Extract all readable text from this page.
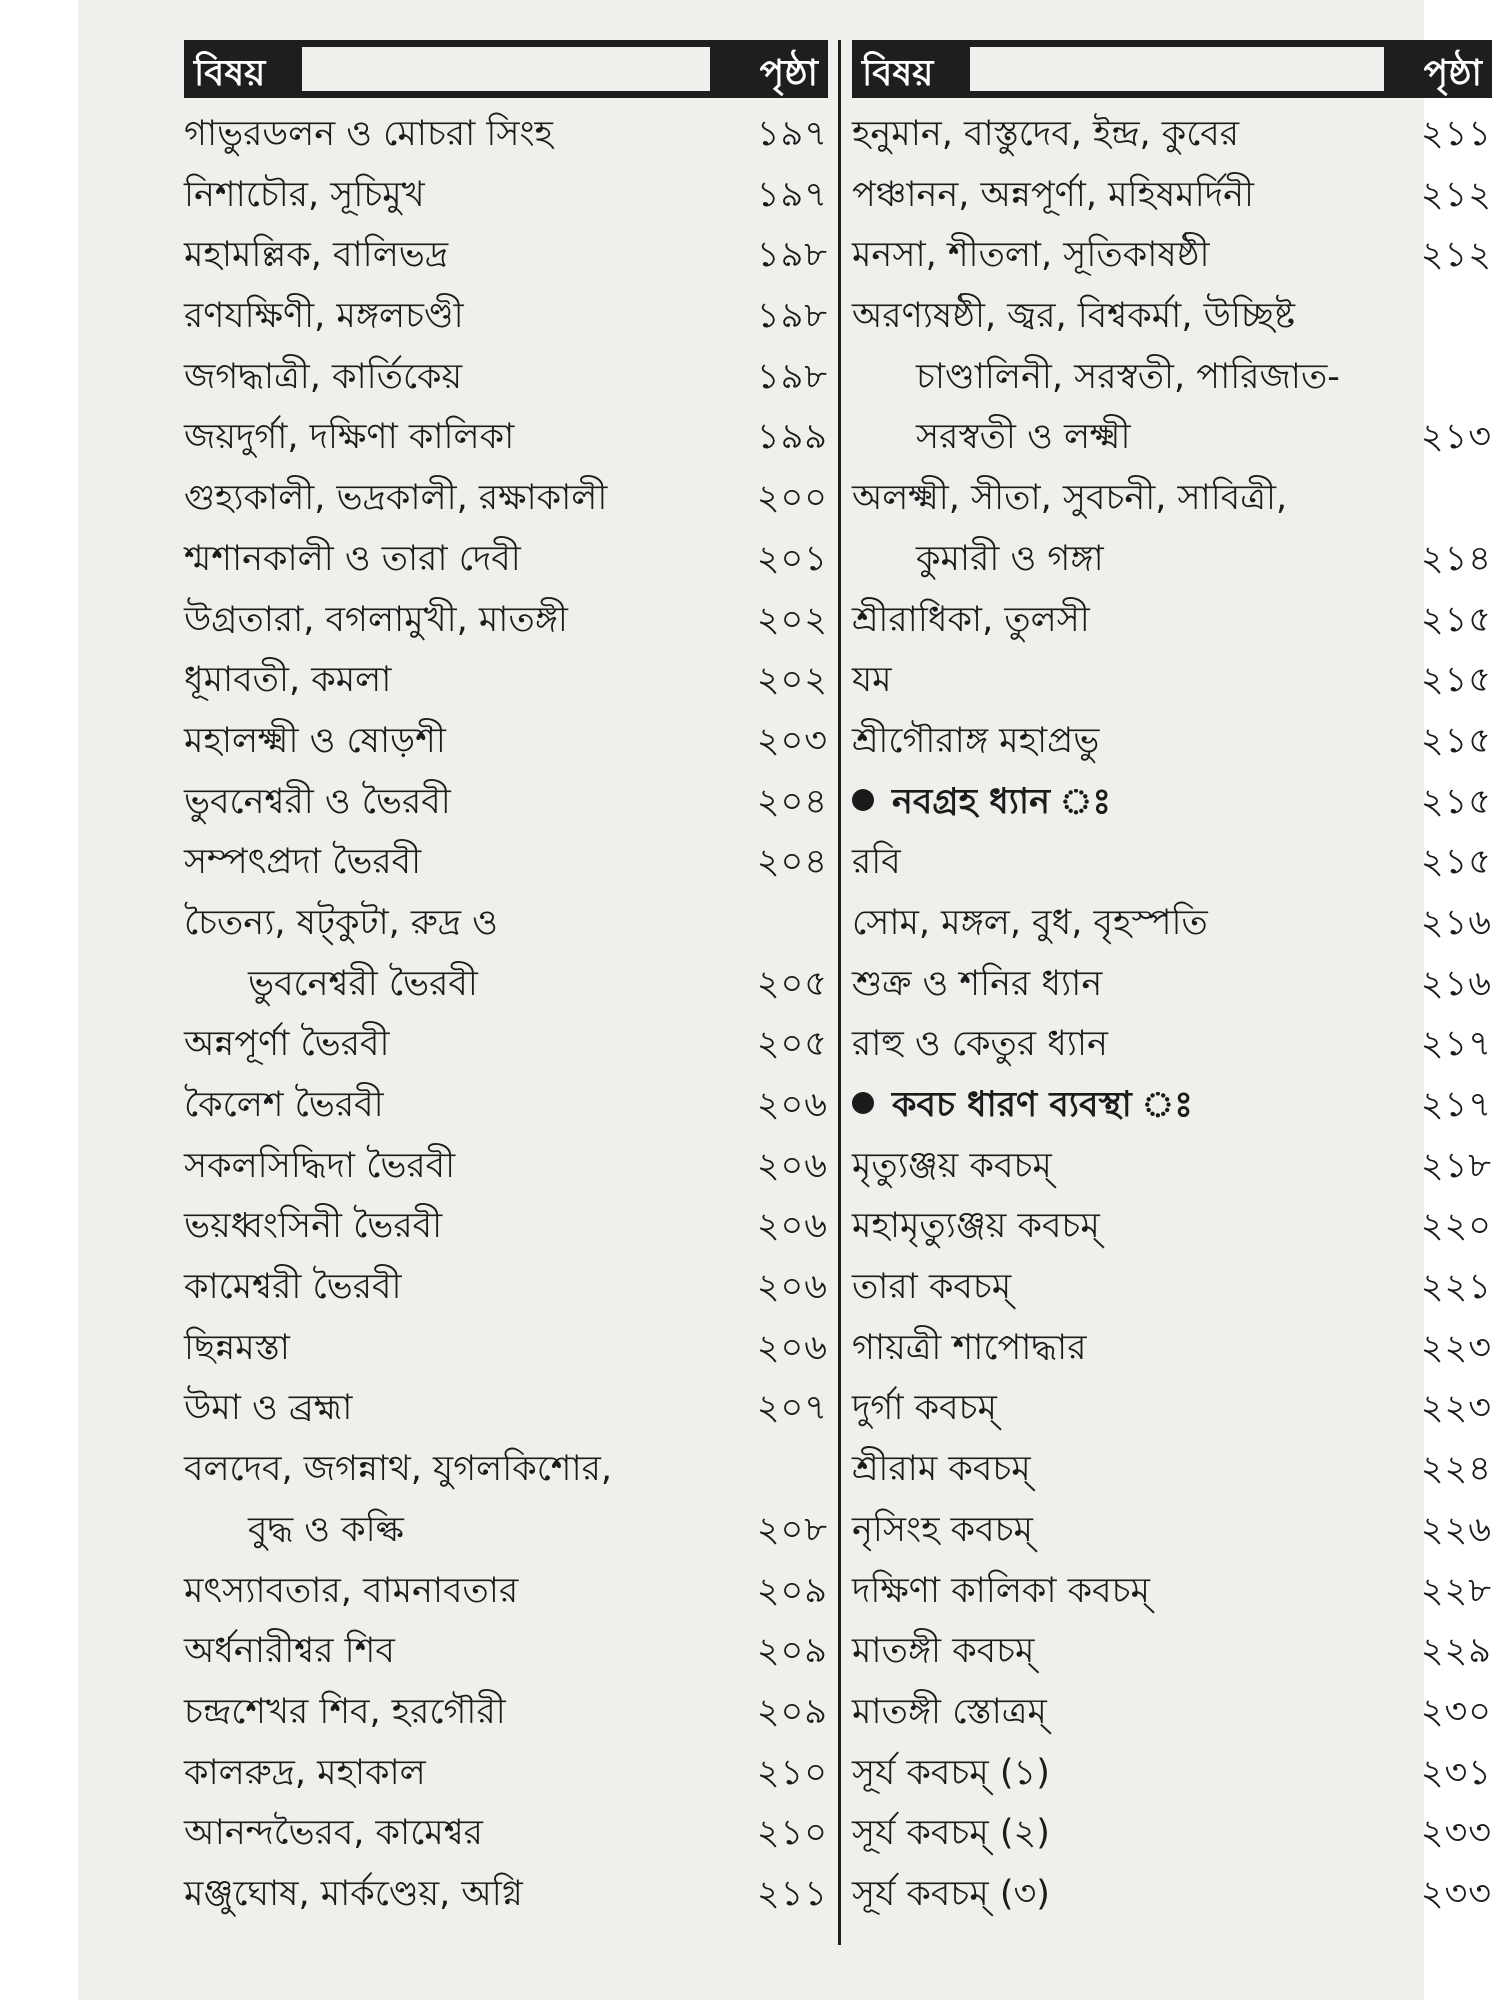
বিষয়	পৃষ্ঠা
গাভুরডলন ও মোচরা সিংহ	১৯৭
নিশাচৌর, সূচিমুখ	১৯৭
মহামল্লিক, বালিভদ্র	১৯৮
রণযক্ষিণী, মঙ্গলচণ্ডী	১৯৮
জগদ্ধাত্রী, কার্তিকেয়	১৯৮
জয়দুর্গা, দক্ষিণা কালিকা	১৯৯
গুহ্যকালী, ভদ্রকালী, রক্ষাকালী	২০০
শ্মশানকালী ও তারা দেবী	২০১
উগ্রতারা, বগলামুখী, মাতঙ্গী	২০২
ধূমাবতী, কমলা	২০২
মহালক্ষ্মী ও ষোড়শী	২০৩
ভুবনেশ্বরী ও ভৈরবী	২০৪
সম্পৎপ্রদা ভৈরবী	২০৪
চৈতন্য, ষট্‌কুটা, রুদ্র ও
ভুবনেশ্বরী ভৈরবী	২০৫
অন্নপূর্ণা ভৈরবী	২০৫
কৈলেশ ভৈরবী	২০৬
সকলসিদ্ধিদা ভৈরবী	২০৬
ভয়ধ্বংসিনী ভৈরবী	২০৬
কামেশ্বরী ভৈরবী	২০৬
ছিন্নমস্তা	২০৬
উমা ও ব্রহ্মা	২০৭
বলদেব, জগন্নাথ, যুগলকিশোর,
বুদ্ধ ও কল্কি	২০৮
মৎস্যাবতার, বামনাবতার	২০৯
অর্ধনারীশ্বর শিব	২০৯
চন্দ্রশেখর শিব, হরগৌরী	২০৯
কালরুদ্র, মহাকাল	২১০
আনন্দভৈরব, কামেশ্বর	২১০
মঞ্জুঘোষ, মার্কণ্ডেয়, অগ্নি	২১১
বিষয়	পৃষ্ঠা
হনুমান, বাস্তুদেব, ইন্দ্র, কুবের	২১১
পঞ্চানন, অন্নপূর্ণা, মহিষমর্দিনী	২১২
মনসা, শীতলা, সূতিকাষষ্ঠী	২১২
অরণ্যষষ্ঠী, জ্বর, বিশ্বকর্মা, উচ্ছিষ্ট
চাণ্ডালিনী, সরস্বতী, পারিজাত-
সরস্বতী ও লক্ষ্মী	২১৩
অলক্ষ্মী, সীতা, সুবচনী, সাবিত্রী,
কুমারী ও গঙ্গা	২১৪
শ্রীরাধিকা, তুলসী	২১৫
যম	২১৫
শ্রীগৌরাঙ্গ মহাপ্রভু	২১৫
নবগ্রহ ধ্যান ঃ	২১৫
রবি	২১৫
সোম, মঙ্গল, বুধ, বৃহস্পতি	২১৬
শুক্র ও শনির ধ্যান	২১৬
রাহু ও কেতুর ধ্যান	২১৭
কবচ ধারণ ব্যবস্থা ঃ	২১৭
মৃত্যুঞ্জয় কবচম্	২১৮
মহামৃত্যুঞ্জয় কবচম্	২২০
তারা কবচম্	২২১
গায়ত্রী শাপোদ্ধার	২২৩
দুর্গা কবচম্	২২৩
শ্রীরাম কবচম্	২২৪
নৃসিংহ কবচম্	২২৬
দক্ষিণা কালিকা কবচম্	২২৮
মাতঙ্গী কবচম্	২২৯
মাতঙ্গী স্তোত্রম্	২৩০
সূর্য কবচম্ (১)	২৩১
সূর্য কবচম্ (২)	২৩৩
সূর্য কবচম্ (৩)	২৩৩
